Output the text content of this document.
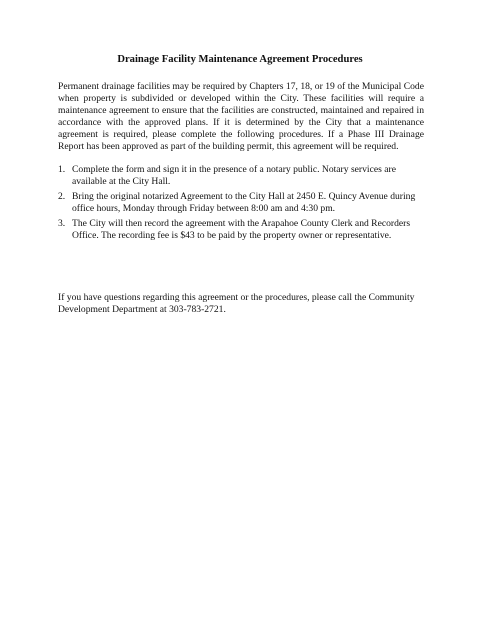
Drainage Facility Maintenance Agreement Procedures

Permanent drainage facilities may be required by Chapters 17, 18, or 19 of the Municipal Code when property is subdivided or developed within the City. These facilities will require a maintenance agreement to ensure that the facilities are constructed, maintained and repaired in accordance with the approved plans. If it is determined by the City that a maintenance agreement is required, please complete the following procedures. If a Phase III Drainage Report has been approved as part of the building permit, this agreement will be required.

1. Complete the form and sign it in the presence of a notary public. Notary services are available at the City Hall.
2. Bring the original notarized Agreement to the City Hall at 2450 E. Quincy Avenue during office hours, Monday through Friday between 8:00 am and 4:30 pm.
3. The City will then record the agreement with the Arapahoe County Clerk and Recorders Office. The recording fee is $43 to be paid by the property owner or representative.

If you have questions regarding this agreement or the procedures, please call the Community Development Department at 303-783-2721.
